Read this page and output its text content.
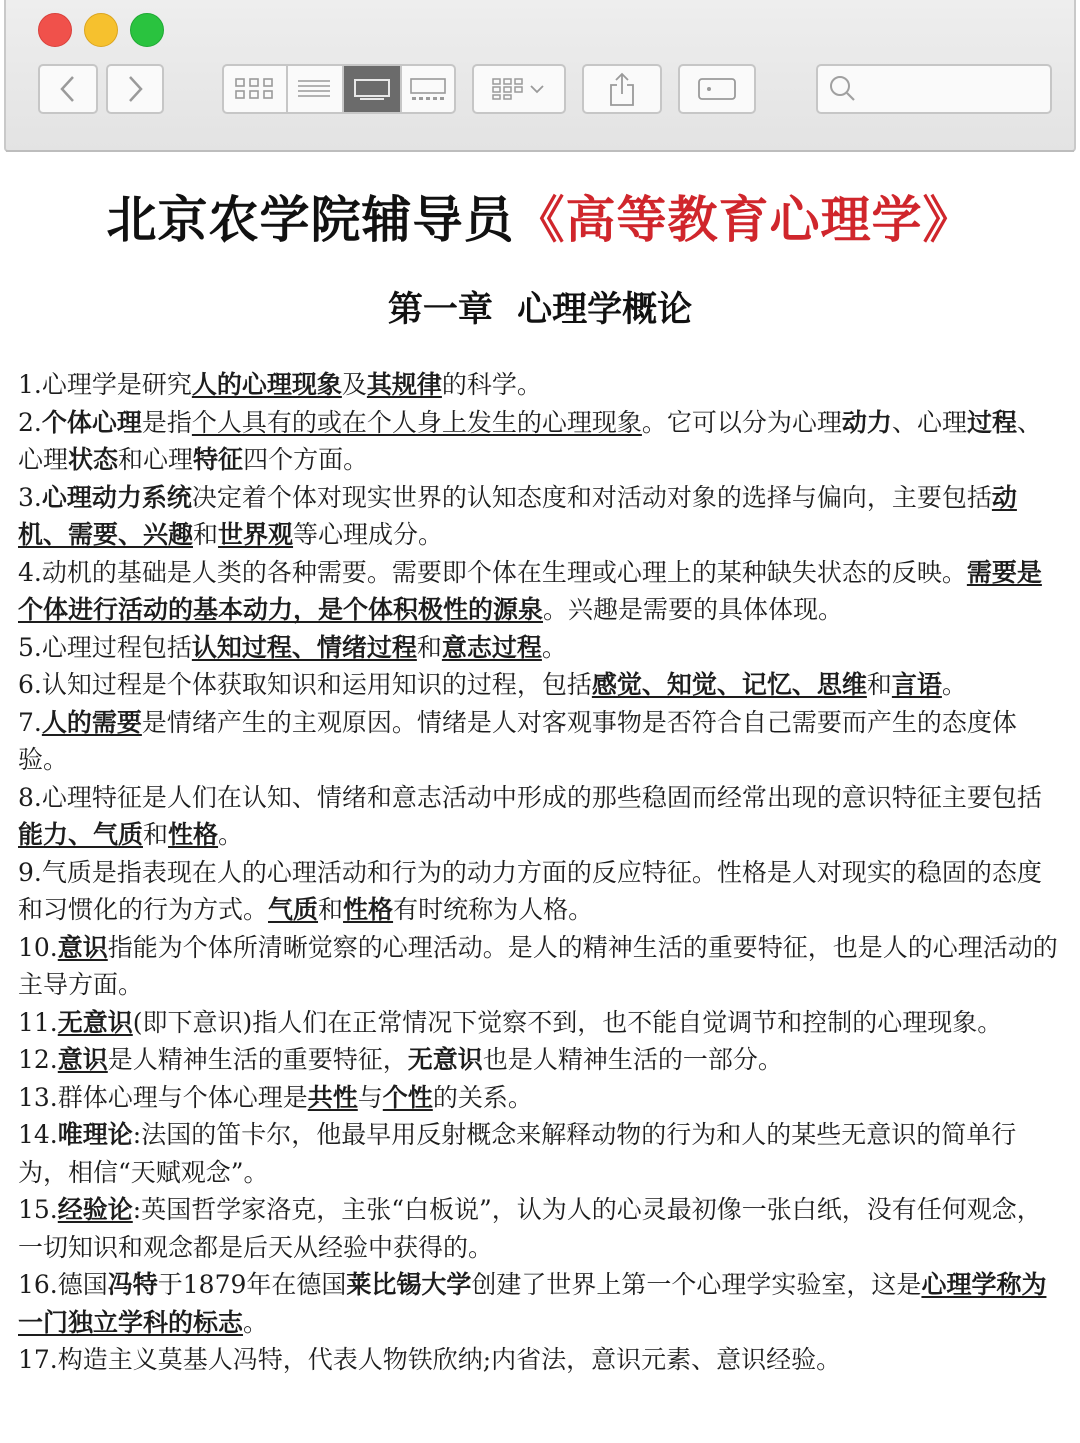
北京农学院辅导员《高等教育心理学》
第一章  心理学概论

1.心理学是研究人的心理现象及其规律的科学。

2.个体心理是指个人具有的或在个人身上发生的心理现象。它可以分为心理动力、心理过程、心理状态和心理特征四个方面。

3.心理动力系统决定着个体对现实世界的认知态度和对活动对象的选择与偏向，主要包括动机、需要、兴趣和世界观等心理成分。

4.动机的基础是人类的各种需要。需要即个体在生理或心理上的某种缺失状态的反映。需要是个体进行活动的基本动力，是个体积极性的源泉。兴趣是需要的具体体现。

5.心理过程包括认知过程、情绪过程和意志过程。

6.认知过程是个体获取知识和运用知识的过程，包括感觉、知觉、记忆、思维和言语。

7.人的需要是情绪产生的主观原因。情绪是人对客观事物是否符合自己需要而产生的态度体验。

8.心理特征是人们在认知、情绪和意志活动中形成的那些稳固而经常出现的意识特征主要包括能力、气质和性格。

9.气质是指表现在人的心理活动和行为的动力方面的反应特征。性格是人对现实的稳固的态度和习惯化的行为方式。气质和性格有时统称为人格。

10.意识指能为个体所清晰觉察的心理活动。是人的精神生活的重要特征，也是人的心理活动的主导方面。

11.无意识(即下意识)指人们在正常情况下觉察不到，也不能自觉调节和控制的心理现象。

12.意识是人精神生活的重要特征，无意识也是人精神生活的一部分。

13.群体心理与个体心理是共性与个性的关系。

14.唯理论:法国的笛卡尔，他最早用反射概念来解释动物的行为和人的某些无意识的简单行为，相信“天赋观念”。

15.经验论:英国哲学家洛克，主张“白板说”，认为人的心灵最初像一张白纸，没有任何观念，一切知识和观念都是后天从经验中获得的。

16.德国冯特于1879年在德国莱比锡大学创建了世界上第一个心理学实验室，这是心理学称为一门独立学科的标志。

17.构造主义莫基人冯特，代表人物铁欣纳;内省法，意识元素、意识经验。
